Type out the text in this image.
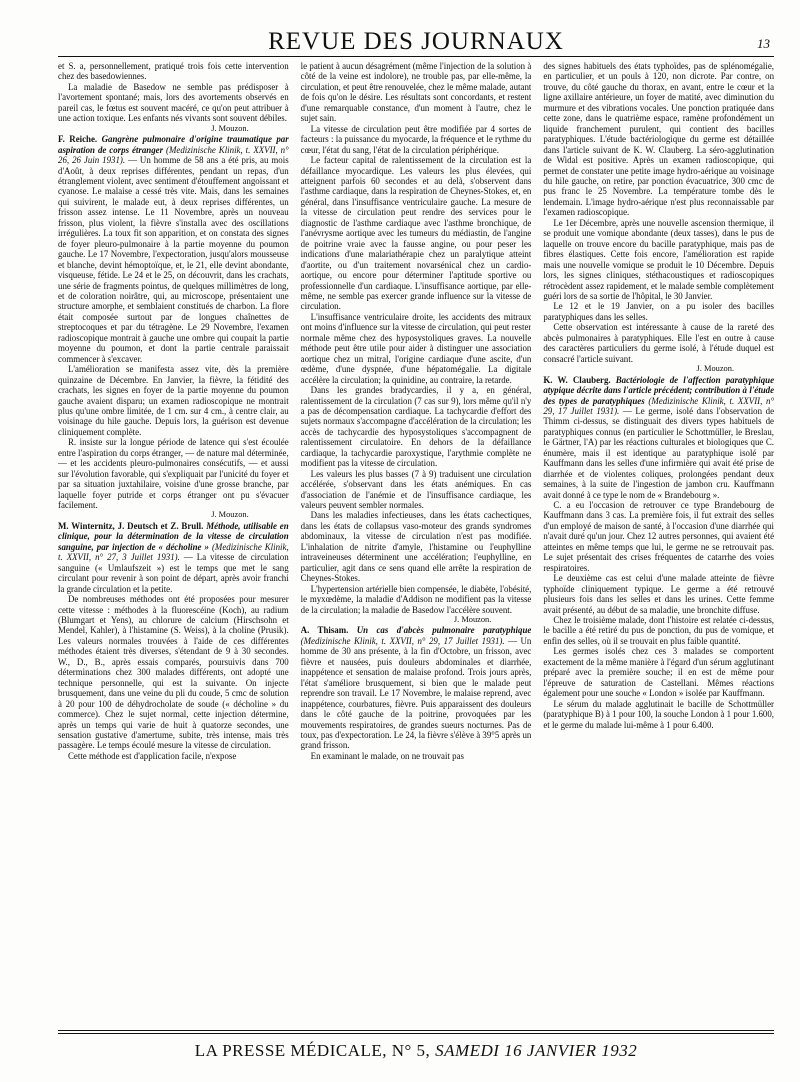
REVUE DES JOURNAUX	13

et S. a, personnellement, pratiqué trois fois cette intervention chez des basedowiennes.

La maladie de Basedow ne semble pas prédisposer à l'avortement spontané; mais, lors des avortements observés en pareil cas, le fœtus est souvent macéré, ce qu'on peut attribuer à une action toxique. Les enfants nés vivants sont souvent débiles.

J. Mouzon.

F. Reiche. Gangrène pulmonaire d'origine traumatique par aspiration de corps étranger (Medizinische Klinik, t. XXVII, n° 26, 26 Juin 1931). — Un homme de 58 ans a été pris, au mois d'Août, à deux reprises différentes, pendant un repas, d'un étranglement violent, avec sentiment d'étouffement angoissant et cyanose. Le malaise a cessé très vite. Mais, dans les semaines qui suivirent, le malade eut, à deux reprises différentes, un frisson assez intense. Le 11 Novembre, après un nouveau frisson, plus violent, la fièvre s'installa avec des oscillations irrégulières. La toux fit son apparition, et on constata des signes de foyer pleuro-pulmonaire à la partie moyenne du poumon gauche. Le 17 Novembre, l'expectoration, jusqu'alors mousseuse et blanche, devint hémoptoïque, et, le 21, elle devint abondante, visqueuse, fétide. Le 24 et le 25, on découvrit, dans les crachats, une série de fragments pointus, de quelques millimètres de long, et de coloration noirâtre, qui, au microscope, présentaient une structure amorphe, et semblaient constitués de charbon. La flore était composée surtout par de longues chaînettes de streptocoques et par du tétragène. Le 29 Novembre, l'examen radioscopique montrait à gauche une ombre qui coupait la partie moyenne du poumon, et dont la partie centrale paraissait commencer à s'excaver.

L'amélioration se manifesta assez vite, dès la première quinzaine de Décembre. En Janvier, la fièvre, la fétidité des crachats, les signes en foyer de la partie moyenne du poumon gauche avaient disparu; un examen radioscopique ne montrait plus qu'une ombre limitée, de 1 cm. sur 4 cm., à centre clair, au voisinage du hile gauche. Depuis lors, la guérison est devenue cliniquement complète.

R. insiste sur la longue période de latence qui s'est écoulée entre l'aspiration du corps étranger, — de nature mal déterminée, — et les accidents pleuro-pulmonaires consécutifs, — et aussi sur l'évolution favorable, qui s'expliquait par l'unicité du foyer et par sa situation juxtahilaire, voisine d'une grosse branche, par laquelle foyer putride et corps étranger ont pu s'évacuer facilement.

J. Mouzon.

M. Winternitz, J. Deutsch et Z. Brull. Méthode, utilisable en clinique, pour la détermination de la vitesse de circulation sanguine, par injection de « décholine » (Medizinische Klinik, t. XXVII, n° 27, 3 Juillet 1931). — La vitesse de circulation sanguine (« Umlaufszeit ») est le temps que met le sang circulant pour revenir à son point de départ, après avoir franchi la grande circulation et la petite.

De nombreuses méthodes ont été proposées pour mesurer cette vitesse : méthodes à la fluorescéine (Koch), au radium (Blumgart et Yens), au chlorure de calcium (Hirschsohn et Mendel, Kahler), à l'histamine (S. Weiss), à la choline (Prusik). Les valeurs normales trouvées à l'aide de ces différentes méthodes étaient très diverses, s'étendant de 9 à 30 secondes. W., D., B., après essais comparés, poursuivis dans 700 déterminations chez 300 malades différents, ont adopté une technique personnelle, qui est la suivante. On injecte brusquement, dans une veine du pli du coude, 5 cmc de solution à 20 pour 100 de déhydrocholate de soude (« décholine » du commerce). Chez le sujet normal, cette injection détermine, après un temps qui varie de huit à quatorze secondes, une sensation gustative d'amertume, subite, très intense, mais très passagère. Le temps écoulé mesure la vitesse de circulation.

Cette méthode est d'application facile, n'expose

le patient à aucun désagrément (même l'injection de la solution à côté de la veine est indolore), ne trouble pas, par elle-même, la circulation, et peut être renouvelée, chez le même malade, autant de fois qu'on le désire. Les résultats sont concordants, et restent d'une remarquable constance, d'un moment à l'autre, chez le sujet sain.

La vitesse de circulation peut être modifiée par 4 sortes de facteurs : la puissance du myocarde, la fréquence et le rythme du cœur, l'état du sang, l'état de la circulation périphérique.

Le facteur capital de ralentissement de la circulation est la défaillance myocardique. Les valeurs les plus élevées, qui atteignent parfois 60 secondes et au delà, s'observent dans l'asthme cardiaque, dans la respiration de Cheynes-Stokes, et, en général, dans l'insuffisance ventriculaire gauche. La mesure de la vitesse de circulation peut rendre des services pour le diagnostic de l'asthme cardiaque avec l'asthme bronchique, de l'anévrysme aortique avec les tumeurs du médiastin, de l'angine de poitrine vraie avec la fausse angine, ou pour peser les indications d'une malariathérapie chez un paralytique atteint d'aortite, ou d'un traitement novarsénical chez un cardio-aortique, ou encore pour déterminer l'aptitude sportive ou professionnelle d'un cardiaque. L'insuffisance aortique, par elle-même, ne semble pas exercer grande influence sur la vitesse de circulation.

L'insuffisance ventriculaire droite, les accidents des mitraux ont moins d'influence sur la vitesse de circulation, qui peut rester normale même chez des hyposystoliques graves. La nouvelle méthode peut être utile pour aider à distinguer une association aortique chez un mitral, l'origine cardiaque d'une ascite, d'un œdème, d'une dyspnée, d'une hépatomégalie. La digitale accélère la circulation; la quinidine, au contraire, la retarde.

Dans les grandes bradycardies, il y a, en général, ralentissement de la circulation (7 cas sur 9), lors même qu'il n'y a pas de décompensation cardiaque. La tachycardie d'effort des sujets normaux s'accompagne d'accélération de la circulation; les accès de tachycardie des hyposystoliques s'accompagnent de ralentissement circulatoire. En dehors de la défaillance cardiaque, la tachycardie paroxystique, l'arythmie complète ne modifient pas la vitesse de circulation.

Les valeurs les plus basses (7 à 9) traduisent une circulation accélérée, s'observant dans les états anémiques. En cas d'association de l'anémie et de l'insuffisance cardiaque, les valeurs peuvent sembler normales.

Dans les maladies infectieuses, dans les états cachectiques, dans les états de collapsus vaso-moteur des grands syndromes abdominaux, la vitesse de circulation n'est pas modifiée. L'inhalation de nitrite d'amyle, l'histamine ou l'euphylline intraveineuses déterminent une accélération; l'euphylline, en particulier, agit dans ce sens quand elle arrête la respiration de Cheynes-Stokes.

L'hypertension artérielle bien compensée, le diabète, l'obésité, le myxœdème, la maladie d'Addison ne modifient pas la vitesse de la circulation; la maladie de Basedow l'accélère souvent.

J. Mouzon.

A. Thisam. Un cas d'abcès pulmonaire paratyphique (Medizinische Klinik, t. XXVII, n° 29, 17 Juillet 1931). — Un homme de 30 ans présente, à la fin d'Octobre, un frisson, avec fièvre et nausées, puis douleurs abdominales et diarrhée, inappétence et sensation de malaise profond. Trois jours après, l'état s'améliore brusquement, si bien que le malade peut reprendre son travail. Le 17 Novembre, le malaise reprend, avec inappétence, courbatures, fièvre. Puis apparaissent des douleurs dans le côté gauche de la poitrine, provoquées par les mouvements respiratoires, de grandes sueurs nocturnes. Pas de toux, pas d'expectoration. Le 24, la fièvre s'élève à 39°5 après un grand frisson.

En examinant le malade, on ne trouvait pas

des signes habituels des états typhoïdes, pas de splénomégalie, en particulier, et un pouls à 120, non dicrote. Par contre, on trouve, du côté gauche du thorax, en avant, entre le cœur et la ligne axillaire antérieure, un foyer de matité, avec diminution du murmure et des vibrations vocales. Une ponction pratiquée dans cette zone, dans le quatrième espace, ramène profondément un liquide franchement purulent, qui contient des bacilles paratyphiques. L'étude bactériologique du germe est détaillée dans l'article suivant de K. W. Clauberg. La séro-agglutination de Widal est positive. Après un examen radioscopique, qui permet de constater une petite image hydro-aérique au voisinage du hile gauche, on retire, par ponction évacuatrice, 300 cmc de pus franc le 25 Novembre. La température tombe dès le lendemain. L'image hydro-aérique n'est plus reconnaissable par l'examen radioscopique.

Le 1er Décembre, après une nouvelle ascension thermique, il se produit une vomique abondante (deux tasses), dans le pus de laquelle on trouve encore du bacille paratyphique, mais pas de fibres élastiques. Cette fois encore, l'amélioration est rapide mais une nouvelle vomique se produit le 10 Décembre. Depuis lors, les signes cliniques, stéthacoustiques et radioscopiques rétrocèdent assez rapidement, et le malade semble complètement guéri lors de sa sortie de l'hôpital, le 30 Janvier.

Le 12 et le 19 Janvier, on a pu isoler des bacilles paratyphiques dans les selles.

Cette observation est intéressante à cause de la rareté des abcès pulmonaires à paratyphiques. Elle l'est en outre à cause des caractères particuliers du germe isolé, à l'étude duquel est consacré l'article suivant.

J. Mouzon.

K. W. Clauberg. Bactériologie de l'affection paratyphique atypique décrite dans l'article précédent; contribution à l'étude des types de paratyphiques (Medizinische Klinik, t. XXVII, n° 29, 17 Juillet 1931). — Le germe, isolé dans l'observation de Thimm ci-dessus, se distinguait des divers types habituels de paratyphiques connus (en particulier le Schottmüller, le Breslau, le Gärtner, l'A) par les réactions culturales et biologiques que C. énumère, mais il est identique au paratyphique isolé par Kauffmann dans les selles d'une infirmière qui avait été prise de diarrhée et de violentes coliques, prolongées pendant deux semaines, à la suite de l'ingestion de jambon cru. Kauffmann avait donné à ce type le nom de « Brandebourg ».

C. a eu l'occasion de retrouver ce type Brandebourg de Kauffmann dans 3 cas. La première fois, il fut extrait des selles d'un employé de maison de santé, à l'occasion d'une diarrhée qui n'avait duré qu'un jour. Chez 12 autres personnes, qui avaient été atteintes en même temps que lui, le germe ne se retrouvait pas. Le sujet présentait des crises fréquentes de catarrhe des voies respiratoires.

Le deuxième cas est celui d'une malade atteinte de fièvre typhoïde cliniquement typique. Le germe a été retrouvé plusieurs fois dans les selles et dans les urines. Cette femme avait présenté, au début de sa maladie, une bronchite diffuse.

Chez le troisième malade, dont l'histoire est relatée ci-dessus, le bacille a été retiré du pus de ponction, du pus de vomique, et enfin des selles, où il se trouvait en plus faible quantité.

Les germes isolés chez ces 3 malades se comportent exactement de la même manière à l'égard d'un sérum agglutinant préparé avec la première souche; il en est de même pour l'épreuve de saturation de Castellani. Mêmes réactions également pour une souche « London » isolée par Kauffmann.

Le sérum du malade agglutinait le bacille de Schottmüller (paratyphique B) à 1 pour 100, la souche London à 1 pour 1.600, et le germe du malade lui-même à 1 pour 6.400.

LA PRESSE MÉDICALE, N° 5, SAMEDI 16 JANVIER 1932
